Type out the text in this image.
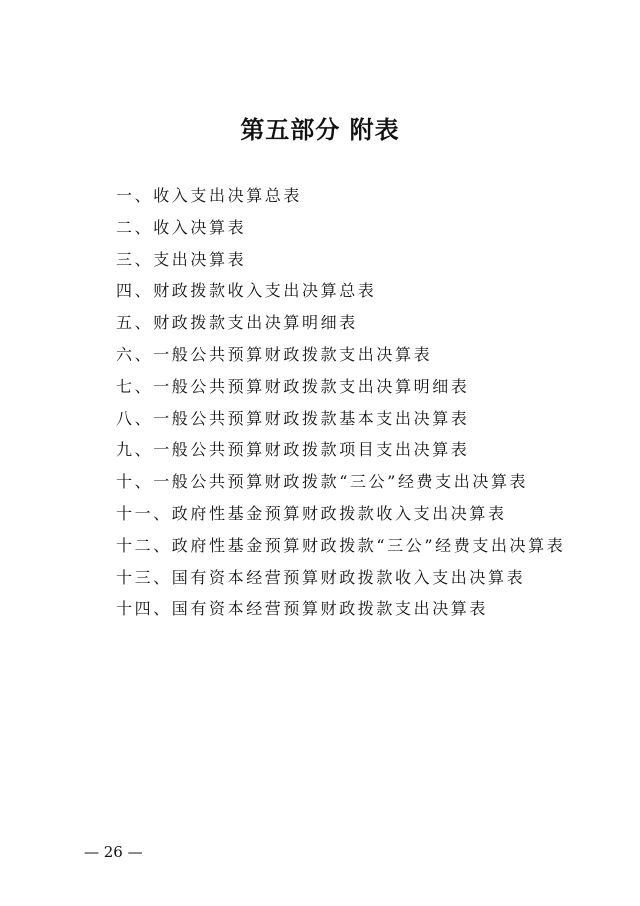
第五部分 附表
一、收入支出决算总表
二、收入决算表
三、支出决算表
四、财政拨款收入支出决算总表
五、财政拨款支出决算明细表
六、一般公共预算财政拨款支出决算表
七、一般公共预算财政拨款支出决算明细表
八、一般公共预算财政拨款基本支出决算表
九、一般公共预算财政拨款项目支出决算表
十、一般公共预算财政拨款“三公”经费支出决算表
十一、政府性基金预算财政拨款收入支出决算表
十二、政府性基金预算财政拨款“三公”经费支出决算表
十三、国有资本经营预算财政拨款收入支出决算表
十四、国有资本经营预算财政拨款支出决算表
— 26 —
